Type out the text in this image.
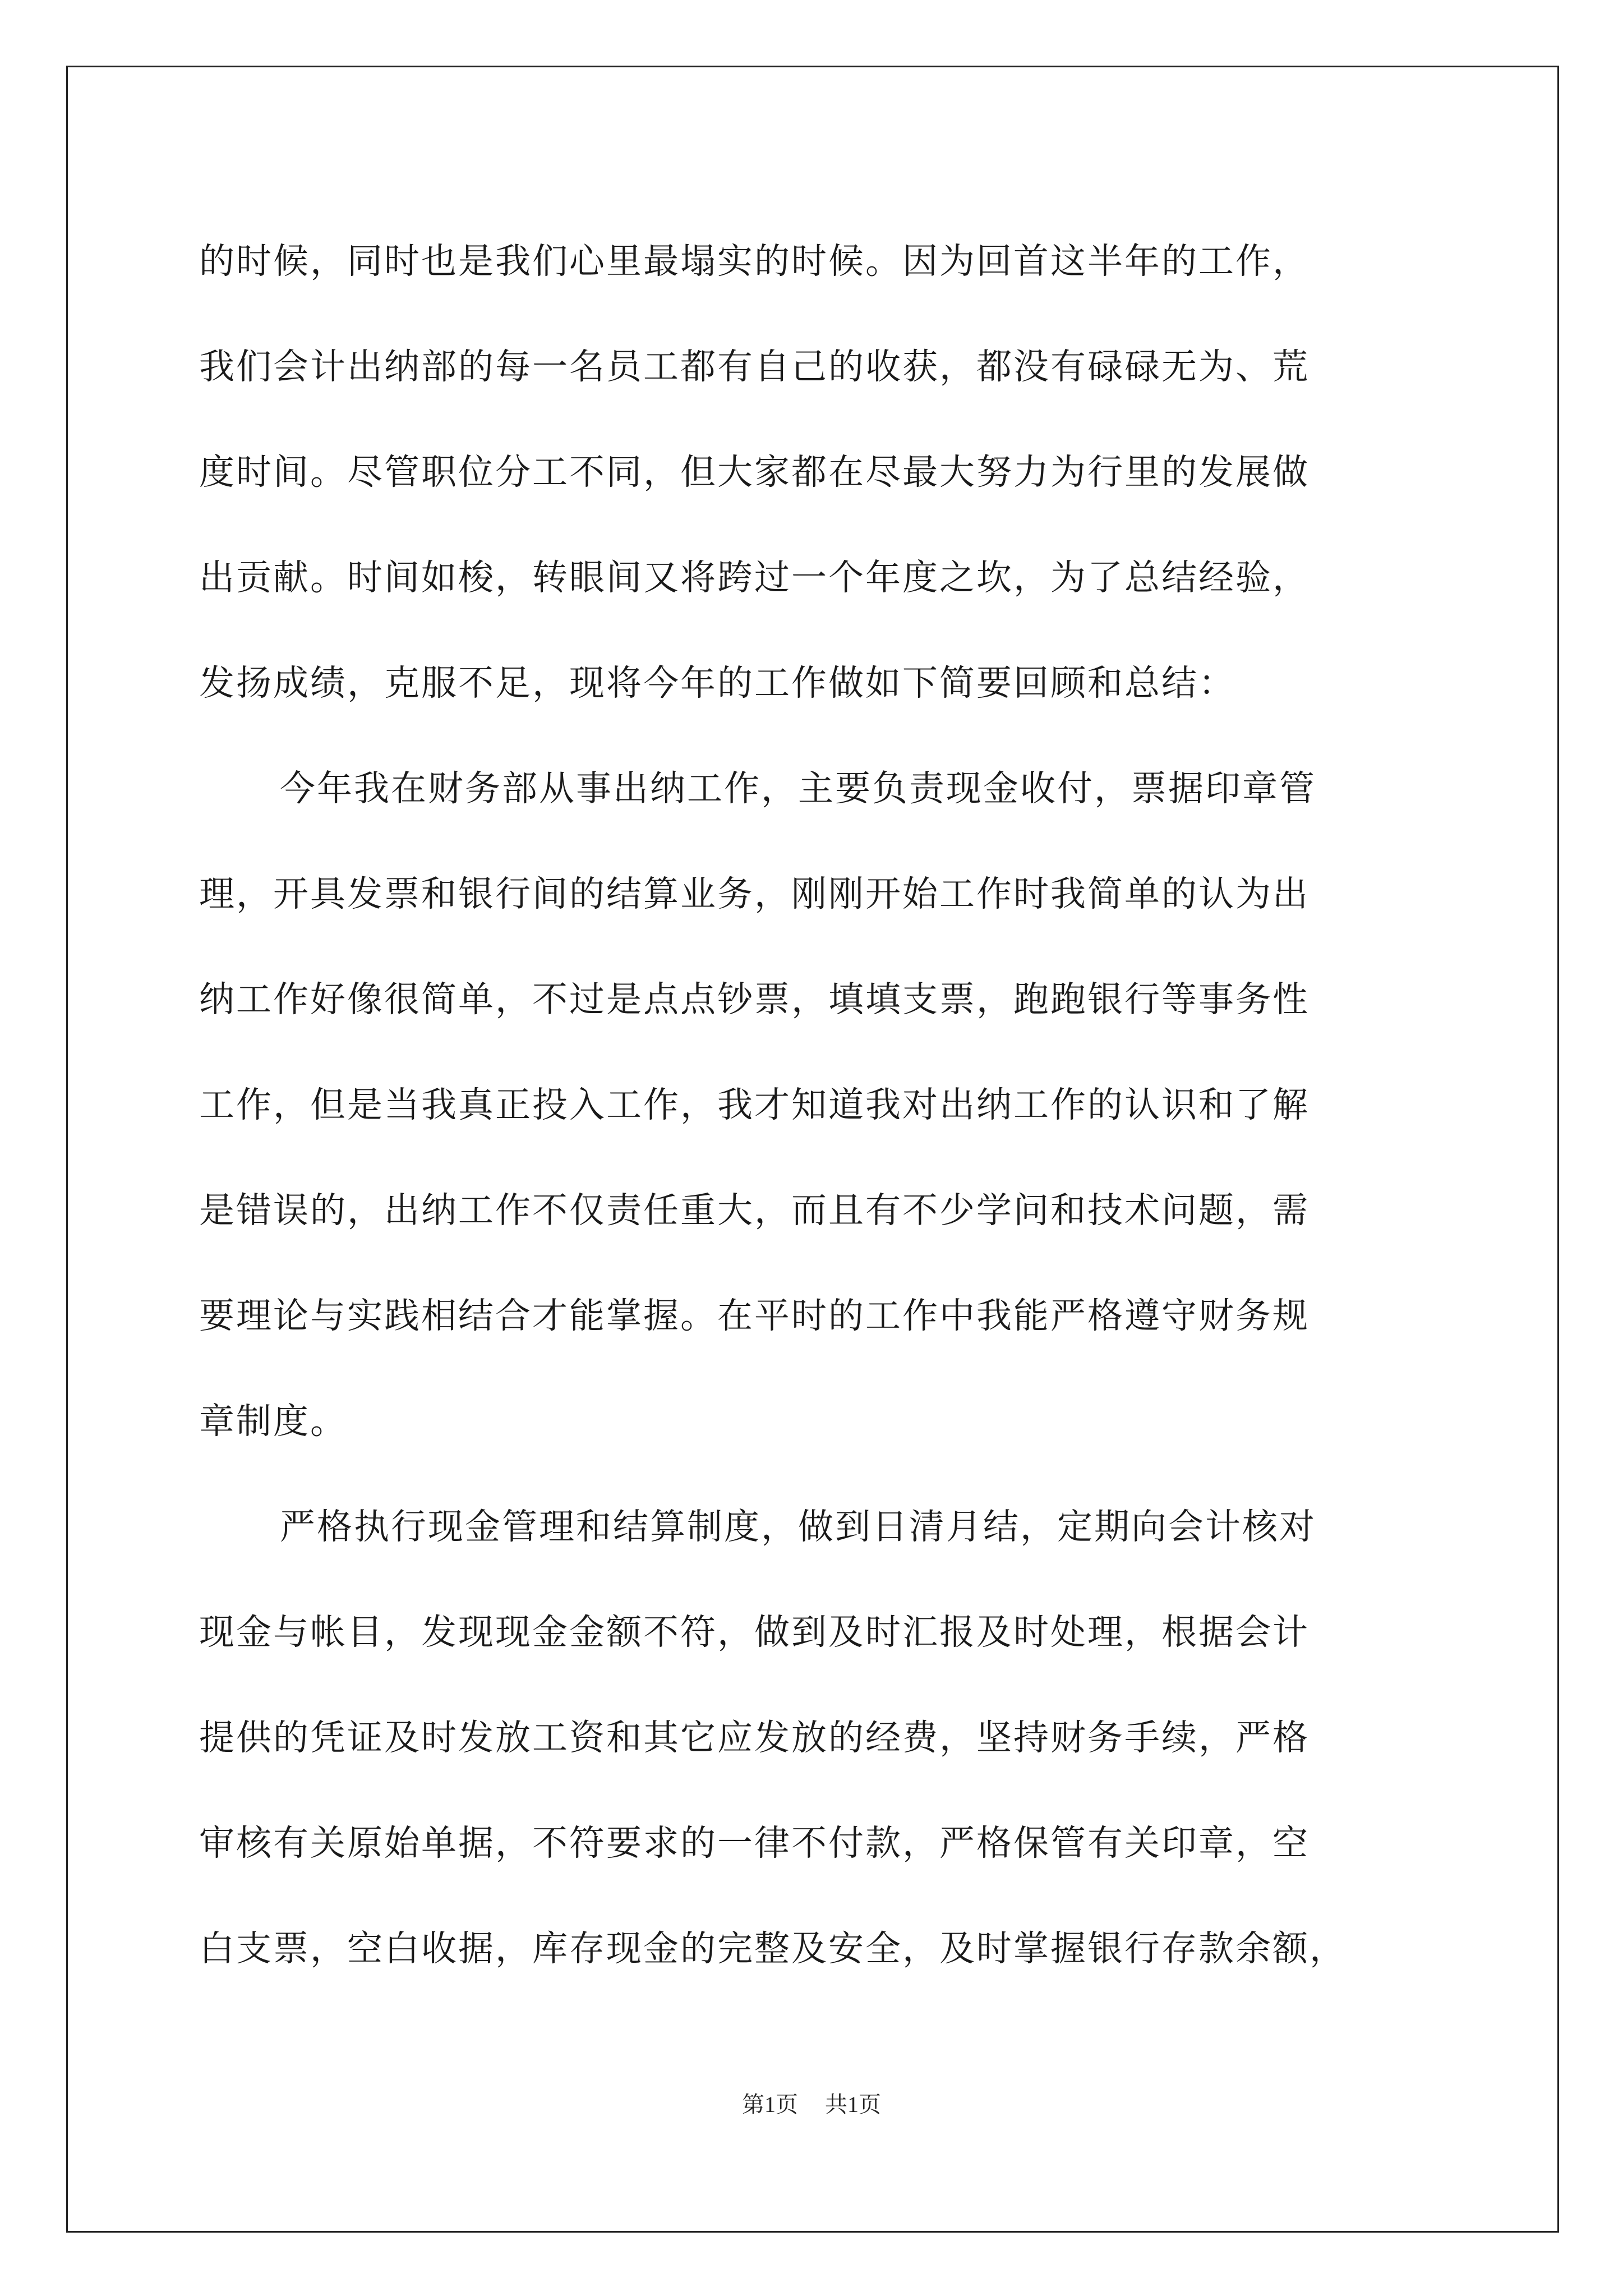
的时候，同时也是我们心里最塌实的时候。因为回首这半年的工作，
我们会计出纳部的每一名员工都有自己的收获，都没有碌碌无为、荒
度时间。尽管职位分工不同，但大家都在尽最大努力为行里的发展做
出贡献。时间如梭，转眼间又将跨过一个年度之坎，为了总结经验，
发扬成绩，克服不足，现将今年的工作做如下简要回顾和总结：
今年我在财务部从事出纳工作，主要负责现金收付，票据印章管
理，开具发票和银行间的结算业务，刚刚开始工作时我简单的认为出
纳工作好像很简单，不过是点点钞票，填填支票，跑跑银行等事务性
工作，但是当我真正投入工作，我才知道我对出纳工作的认识和了解
是错误的，出纳工作不仅责任重大，而且有不少学问和技术问题，需
要理论与实践相结合才能掌握。在平时的工作中我能严格遵守财务规
章制度。
严格执行现金管理和结算制度，做到日清月结，定期向会计核对
现金与帐目，发现现金金额不符，做到及时汇报及时处理，根据会计
提供的凭证及时发放工资和其它应发放的经费，坚持财务手续，严格
审核有关原始单据，不符要求的一律不付款，严格保管有关印章，空
白支票，空白收据，库存现金的完整及安全，及时掌握银行存款余额，
第1页 共1页
